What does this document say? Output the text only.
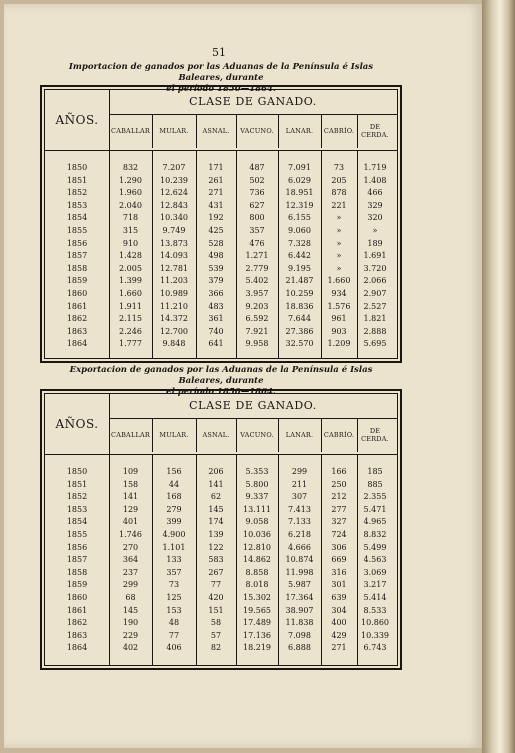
51
Importacion de ganados por las Aduanas de la Península é Islas Baleares, durante
el período 1850—1864.
AÑOS.
CLASE DE GANADO.
CABALLAR	MULAR.	ASNAL.	VACUNO.	LANAR.	CABRÍO.	DE CERDA.
1850	832	7.207	171	487	7.091	73	1.719
1851	1.290	10.239	261	502	6.029	205	1.408
1852	1.960	12.624	271	736	18.951	878	466
1853	2.040	12.843	431	627	12.319	221	329
1854	718	10.340	192	800	6.155	»	320
1855	315	9.749	425	357	9.060	»	»
1856	910	13.873	528	476	7.328	»	189
1857	1.428	14.093	498	1.271	6.442	»	1.691
1858	2.005	12.781	539	2.779	9.195	»	3.720
1859	1.399	11.203	379	5.402	21.487	1.660	2.066
1860	1.660	10.989	366	3.957	10.259	934	2.907
1861	1.911	11.210	483	9.203	18.836	1.576	2.527
1862	2.115	14.372	361	6.592	7.644	961	1.821
1863	2.246	12.700	740	7.921	27.386	903	2.888
1864	1.777	9.848	641	9.958	32.570	1.209	5.695
Exportacion de ganados por las Aduanas de la Península é Islas Baleares, durante
el período 1850—1864.
AÑOS.
CLASE DE GANADO.
CABALLAR	MULAR.	ASNAL.	VACUNO.	LANAR.	CABRÍO.	DE CERDA.
1850	109	156	206	5.353	299	166	185
1851	158	44	141	5.800	211	250	885
1852	141	168	62	9.337	307	212	2.355
1853	129	279	145	13.111	7.413	277	5.471
1854	401	399	174	9.058	7.133	327	4.965
1855	1.746	4.900	139	10.036	6.218	724	8.832
1856	270	1.101	122	12.810	4.666	306	5.499
1857	364	133	583	14.862	10.874	669	4.563
1858	237	357	267	8.858	11.998	316	3.069
1859	299	73	77	8.018	5.987	301	3.217
1860	68	125	420	15.302	17.364	639	5.414
1861	145	153	151	19.565	38.907	304	8.533
1862	190	48	58	17.489	11.838	400	10.860
1863	229	77	57	17.136	7.098	429	10.339
1864	402	406	82	18.219	6.888	271	6.743
